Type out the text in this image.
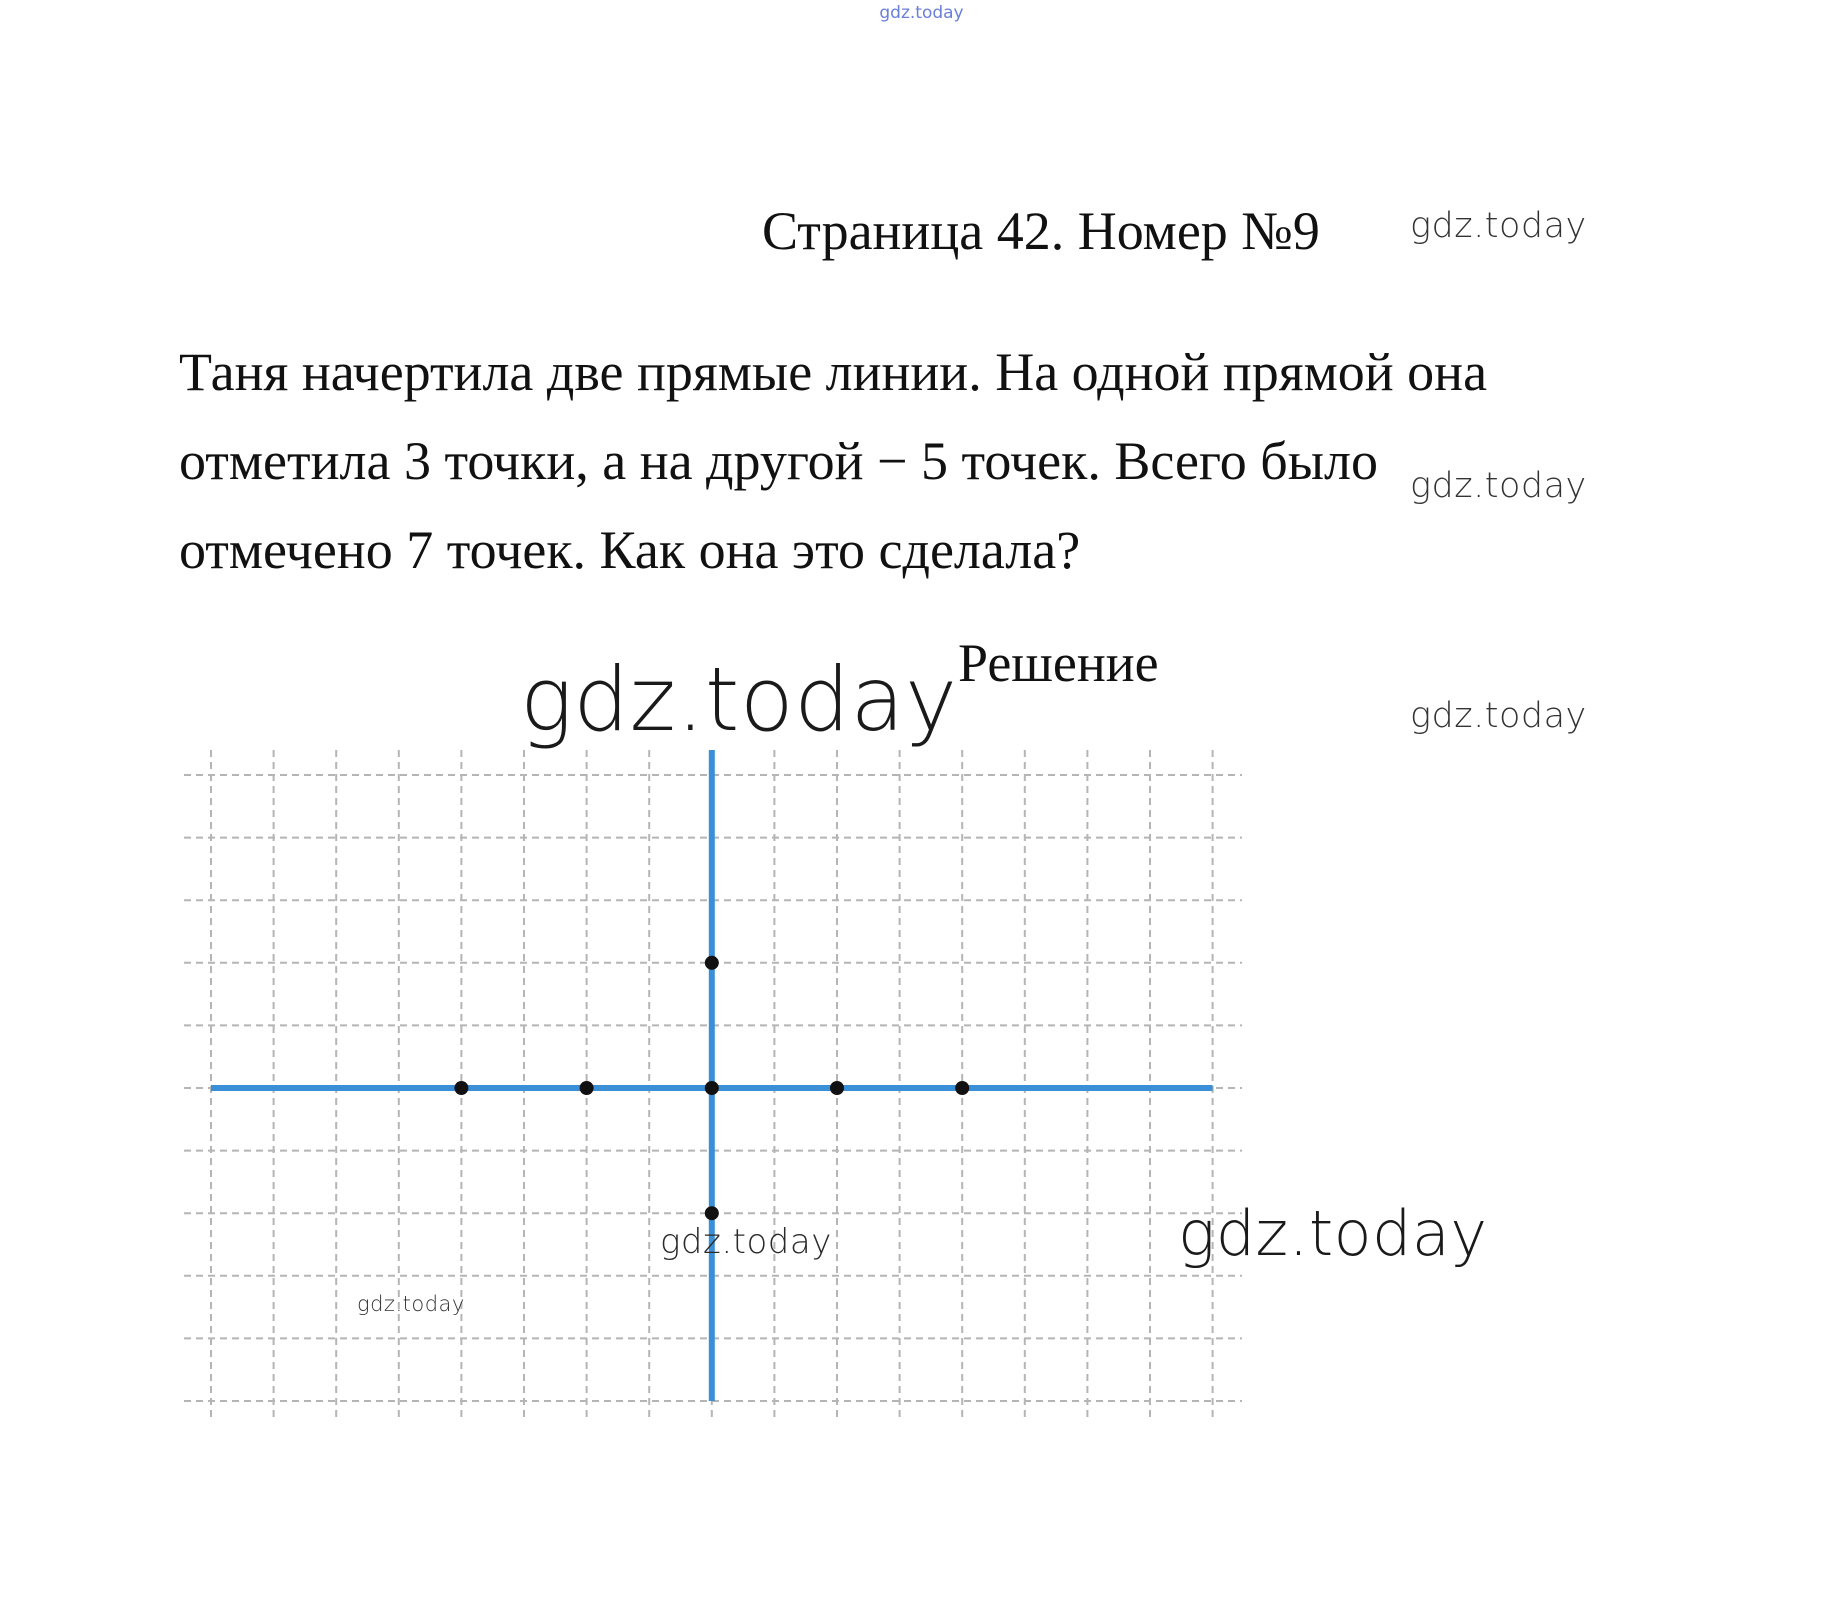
gdz.today
Страница 42. Номер №9	gdz.today
gdz.today
gdz.today
Таня начертила две прямые линии. На одной прямой она
отметила 3 точки, а на другой − 5 точек. Всего было
отмечено 7 точек. Как она это сделала?
gdz.today Решение
gdz.today
gdz.today
gdz.today
